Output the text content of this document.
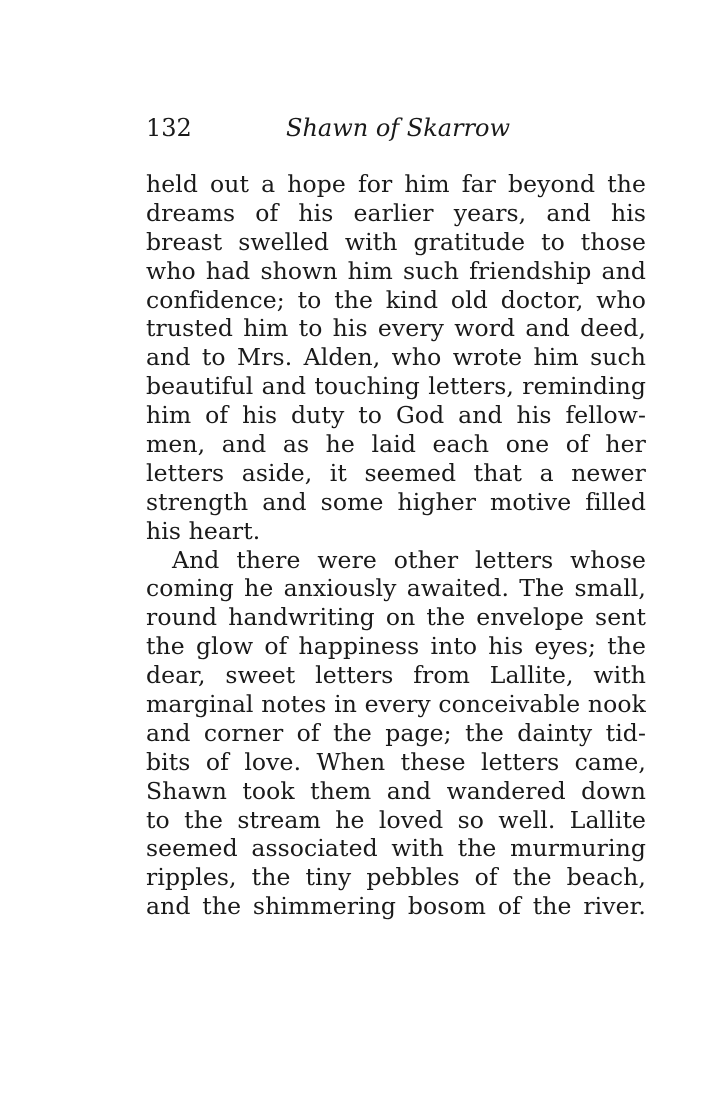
132	Shawn of Skarrow
held out a hope for him far beyond the
dreams of his earlier years, and his
breast swelled with gratitude to those
who had shown him such friendship and
confidence; to the kind old doctor, who
trusted him to his every word and deed,
and to Mrs. Alden, who wrote him such
beautiful and touching letters, reminding
him of his duty to God and his fellow-
men, and as he laid each one of her
letters aside, it seemed that a newer
strength and some higher motive filled
his heart.
And there were other letters whose
coming he anxiously awaited. The small,
round handwriting on the envelope sent
the glow of happiness into his eyes; the
dear, sweet letters from Lallite, with
marginal notes in every conceivable nook
and corner of the page; the dainty tid-
bits of love. When these letters came,
Shawn took them and wandered down
to the stream he loved so well. Lallite
seemed associated with the murmuring
ripples, the tiny pebbles of the beach,
and the shimmering bosom of the river.
